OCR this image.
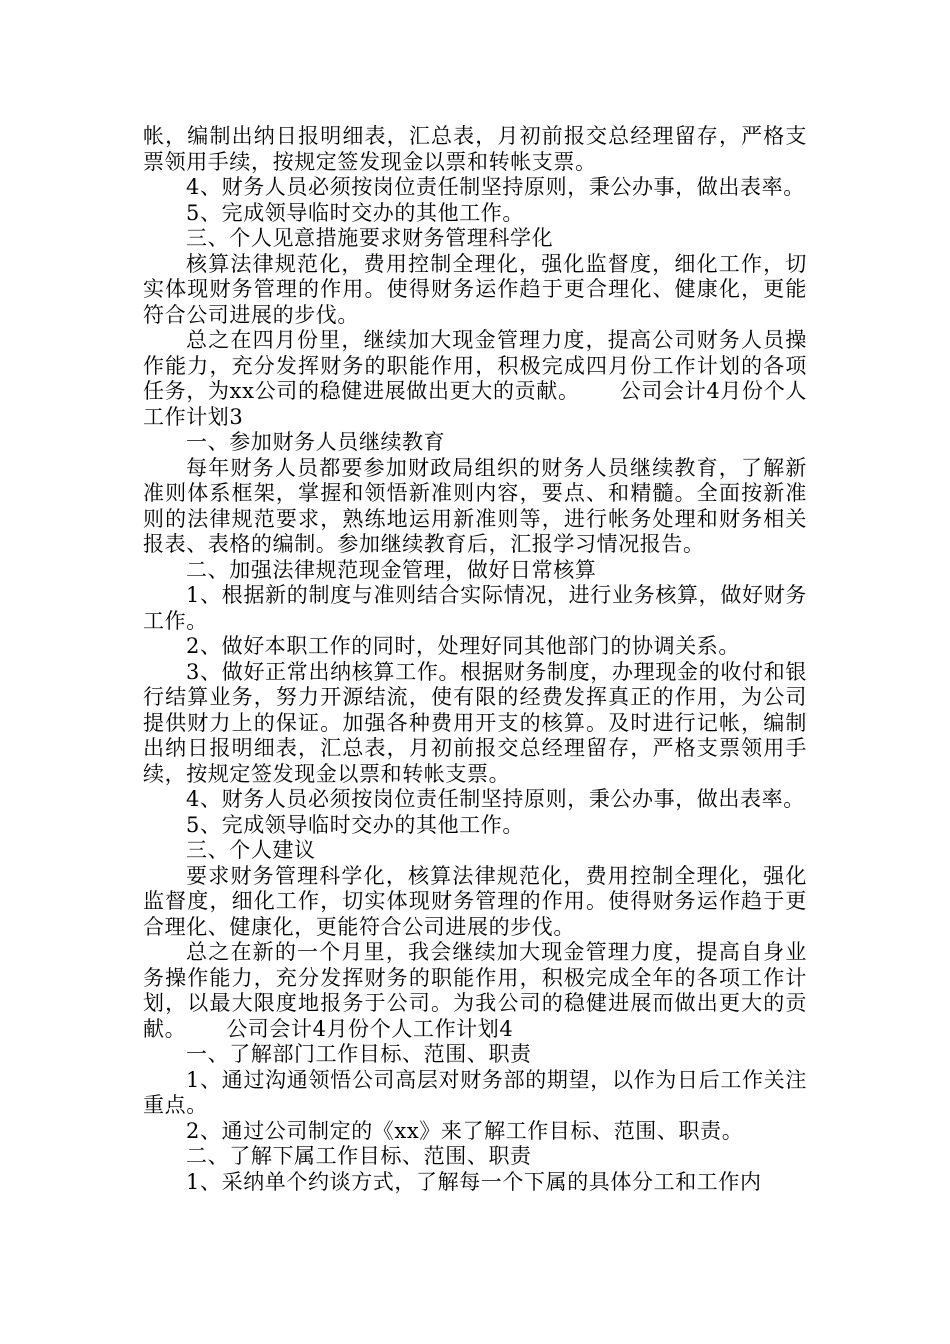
帐，编制出纳日报明细表，汇总表，月初前报交总经理留存，严格支票领用手续，按规定签发现金以票和转帐支票。

4、财务人员必须按岗位责任制坚持原则，秉公办事，做出表率。

5、完成领导临时交办的其他工作。

三、个人见意措施要求财务管理科学化

核算法律规范化，费用控制全理化，强化监督度，细化工作，切实体现财务管理的作用。使得财务运作趋于更合理化、健康化，更能符合公司进展的步伐。

总之在四月份里，继续加大现金管理力度，提高公司财务人员操作能力，充分发挥财务的职能作用，积极完成四月份工作计划的各项任务，为xx公司的稳健进展做出更大的贡献。 公司会计4月份个人工作计划3

一、参加财务人员继续教育

每年财务人员都要参加财政局组织的财务人员继续教育，了解新准则体系框架，掌握和领悟新准则内容，要点、和精髓。全面按新准则的法律规范要求，熟练地运用新准则等，进行帐务处理和财务相关报表、表格的编制。参加继续教育后，汇报学习情况报告。

二、加强法律规范现金管理，做好日常核算

1、根据新的制度与准则结合实际情况，进行业务核算，做好财务工作。

2、做好本职工作的同时，处理好同其他部门的协调关系。

3、做好正常出纳核算工作。根据财务制度，办理现金的收付和银行结算业务，努力开源结流，使有限的经费发挥真正的作用，为公司提供财力上的保证。加强各种费用开支的核算。及时进行记帐，编制出纳日报明细表，汇总表，月初前报交总经理留存，严格支票领用手续，按规定签发现金以票和转帐支票。

4、财务人员必须按岗位责任制坚持原则，秉公办事，做出表率。

5、完成领导临时交办的其他工作。

三、个人建议

要求财务管理科学化，核算法律规范化，费用控制全理化，强化监督度，细化工作，切实体现财务管理的作用。使得财务运作趋于更合理化、健康化，更能符合公司进展的步伐。

总之在新的一个月里，我会继续加大现金管理力度，提高自身业务操作能力，充分发挥财务的职能作用，积极完成全年的各项工作计划，以最大限度地报务于公司。为我公司的稳健进展而做出更大的贡献。 公司会计4月份个人工作计划4

一、了解部门工作目标、范围、职责

1、通过沟通领悟公司高层对财务部的期望，以作为日后工作关注重点。

2、通过公司制定的《xx》来了解工作目标、范围、职责。

二、了解下属工作目标、范围、职责

1、采纳单个约谈方式，了解每一个下属的具体分工和工作内
